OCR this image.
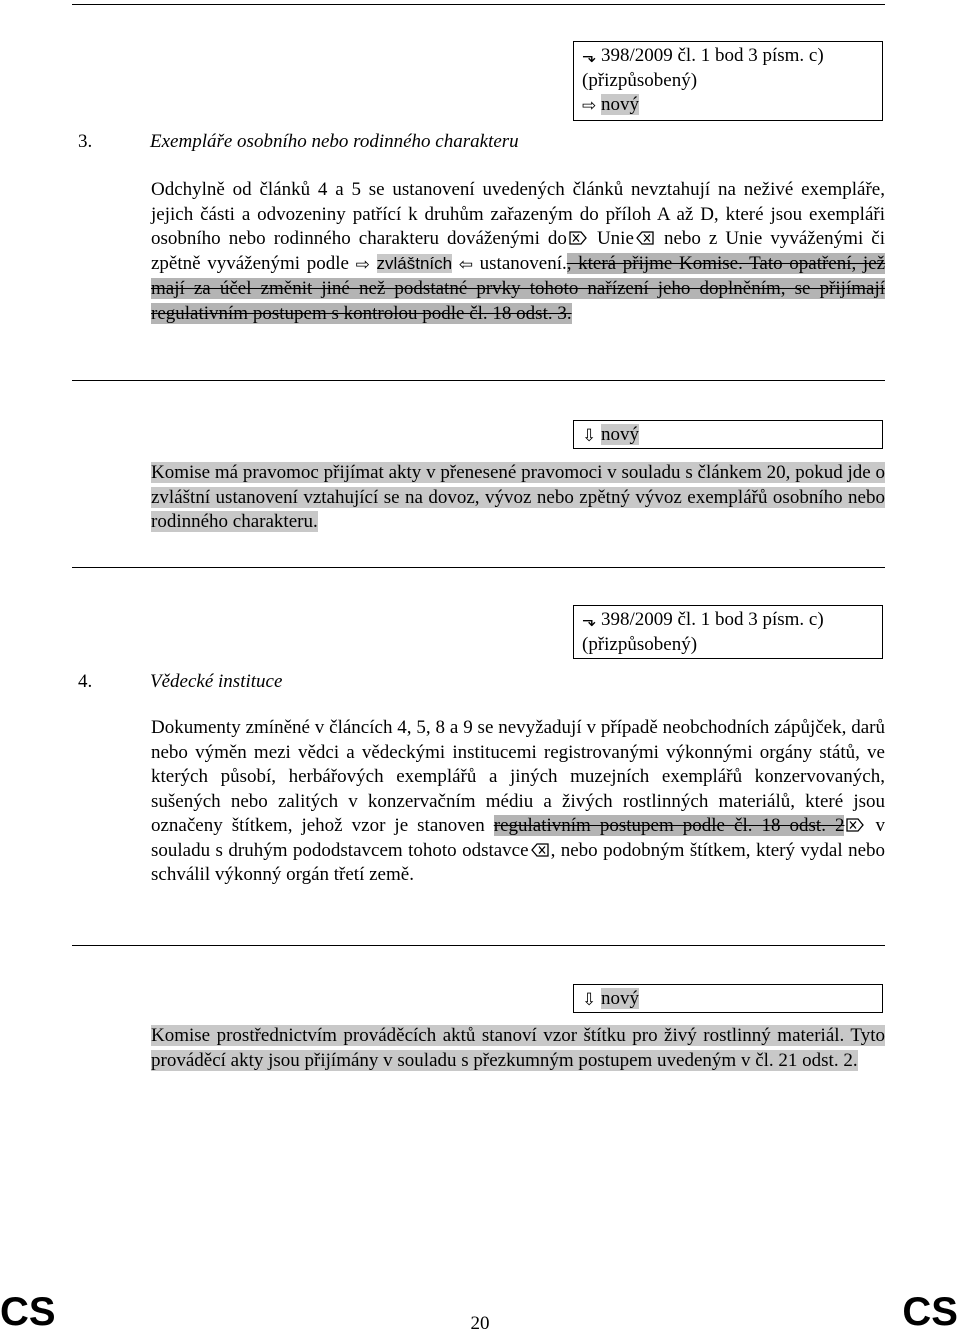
⬎ 398/2009 čl. 1 bod 3 písm. c)
(přizpůsobený)
⇨ nový
3.	Exempláře osobního nebo rodinného charakteru

Odchylně od článků 4 a 5 se ustanovení uvedených článků nevztahují na neživé exempláře, jejich části a odvozeniny patřící k druhům zařazeným do příloh A až D, které jsou exempláři osobního nebo rodinného charakteru dováženými do Unie nebo z Unie vyváženými či zpětně vyváženými podle ⇨ zvláštních ⇦ ustanovení., která přijme Komise. Tato opatření, jež mají za účel změnit jiné než podstatné prvky tohoto nařízení jeho doplněním, se přijímají regulativním postupem s kontrolou podle čl. 18 odst. 3.

⇩ nový

Komise má pravomoc přijímat akty v přenesené pravomoci v souladu s článkem 20, pokud jde o zvláštní ustanovení vztahující se na dovoz, vývoz nebo zpětný vývoz exemplářů osobního nebo rodinného charakteru.

⬎ 398/2009 čl. 1 bod 3 písm. c)
(přizpůsobený)
4.	Vědecké instituce

Dokumenty zmíněné v článcích 4, 5, 8 a 9 se nevyžadují v případě neobchodních zápůjček, darů nebo výměn mezi vědci a vědeckými institucemi registrovanými výkonnými orgány států, ve kterých působí, herbářových exemplářů a jiných muzejních exemplářů konzervovaných, sušených nebo zalitých v konzervačním médiu a živých rostlinných materiálů, které jsou označeny štítkem, jehož vzor je stanoven regulativním postupem podle čl. 18 odst. 2 v souladu s druhým pododstavcem tohoto odstavce , nebo podobným štítkem, který vydal nebo schválil výkonný orgán třetí země.

⇩ nový

Komise prostřednictvím prováděcích aktů stanoví vzor štítku pro živý rostlinný materiál. Tyto prováděcí akty jsou přijímány v souladu s přezkumným postupem uvedeným v čl. 21 odst. 2.

CS	20	CS
